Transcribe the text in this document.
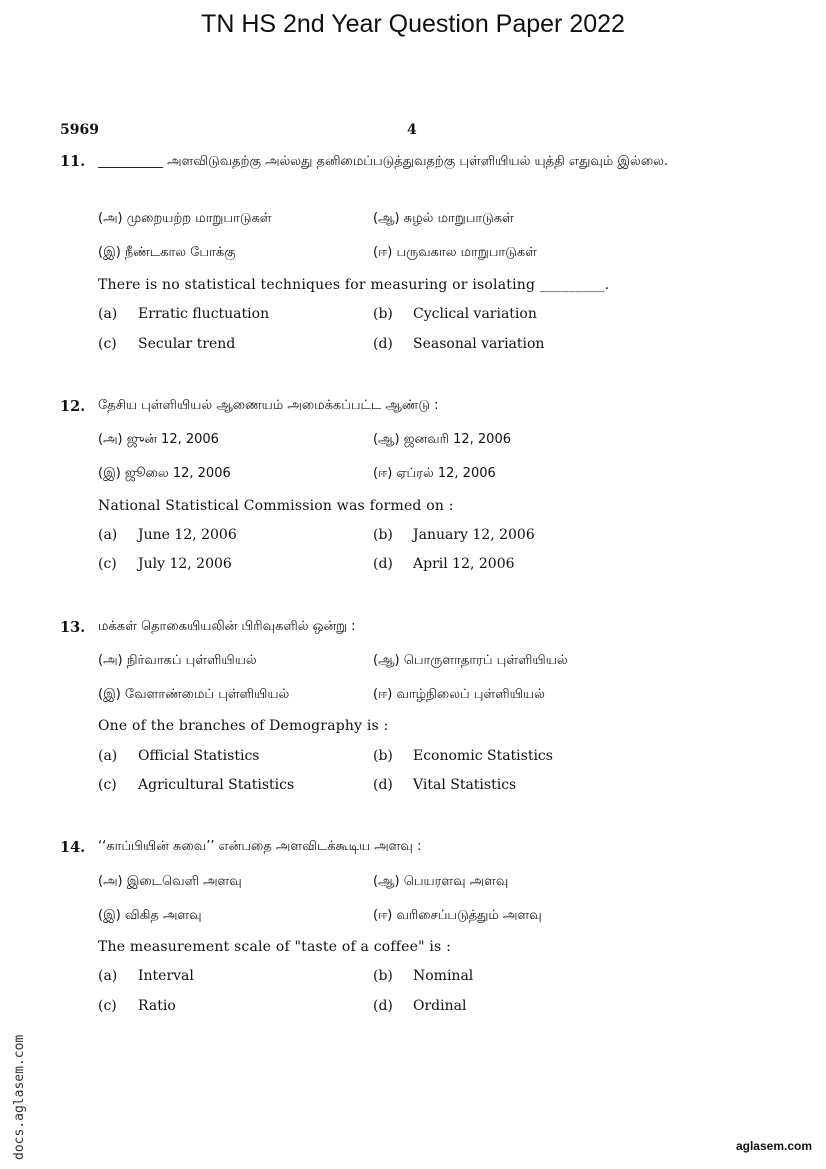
TN HS 2nd Year Question Paper 2022
5969	4
11. __________ அளவிடுவதற்கு அல்லது தனிமைப்படுத்துவதற்கு புள்ளியியல் யுத்தி எதுவும் இல்லை.
(அ) முறையற்ற மாறுபாடுகள்	(ஆ) சுழல் மாறுபாடுகள்
(இ) நீண்டகால போக்கு	(ஈ) பருவகால மாறுபாடுகள்
There is no statistical techniques for measuring or isolating _________.
(a) Erratic fluctuation	(b) Cyclical variation
(c) Secular trend	(d) Seasonal variation
12. தேசிய புள்ளியியல் ஆணையம் அமைக்கப்பட்ட ஆண்டு :
(அ) ஜுன் 12, 2006	(ஆ) ஜனவரி 12, 2006
(இ) ஜூலை 12, 2006	(ஈ) ஏப்ரல் 12, 2006
National Statistical Commission was formed on :
(a) June 12, 2006	(b) January 12, 2006
(c) July 12, 2006	(d) April 12, 2006
13. மக்கள் தொகையியலின் பிரிவுகளில் ஒன்று :
(அ) நிர்வாகப் புள்ளியியல்	(ஆ) பொருளாதாரப் புள்ளியியல்
(இ) வேளாண்மைப் புள்ளியியல்	(ஈ) வாழ்நிலைப் புள்ளியியல்
One of the branches of Demography is :
(a) Official Statistics	(b) Economic Statistics
(c) Agricultural Statistics	(d) Vital Statistics
14. ‘‘காப்பியின் சுவை’’ என்பதை அளவிடக்கூடிய அளவு :
(அ) இடைவெளி அளவு	(ஆ) பெயரளவு அளவு
(இ) விகித அளவு	(ஈ) வரிசைப்படுத்தும் அளவு
The measurement scale of "taste of a coffee" is :
(a) Interval	(b) Nominal
(c) Ratio	(d) Ordinal
docs.aglasem.com	aglasem.com
